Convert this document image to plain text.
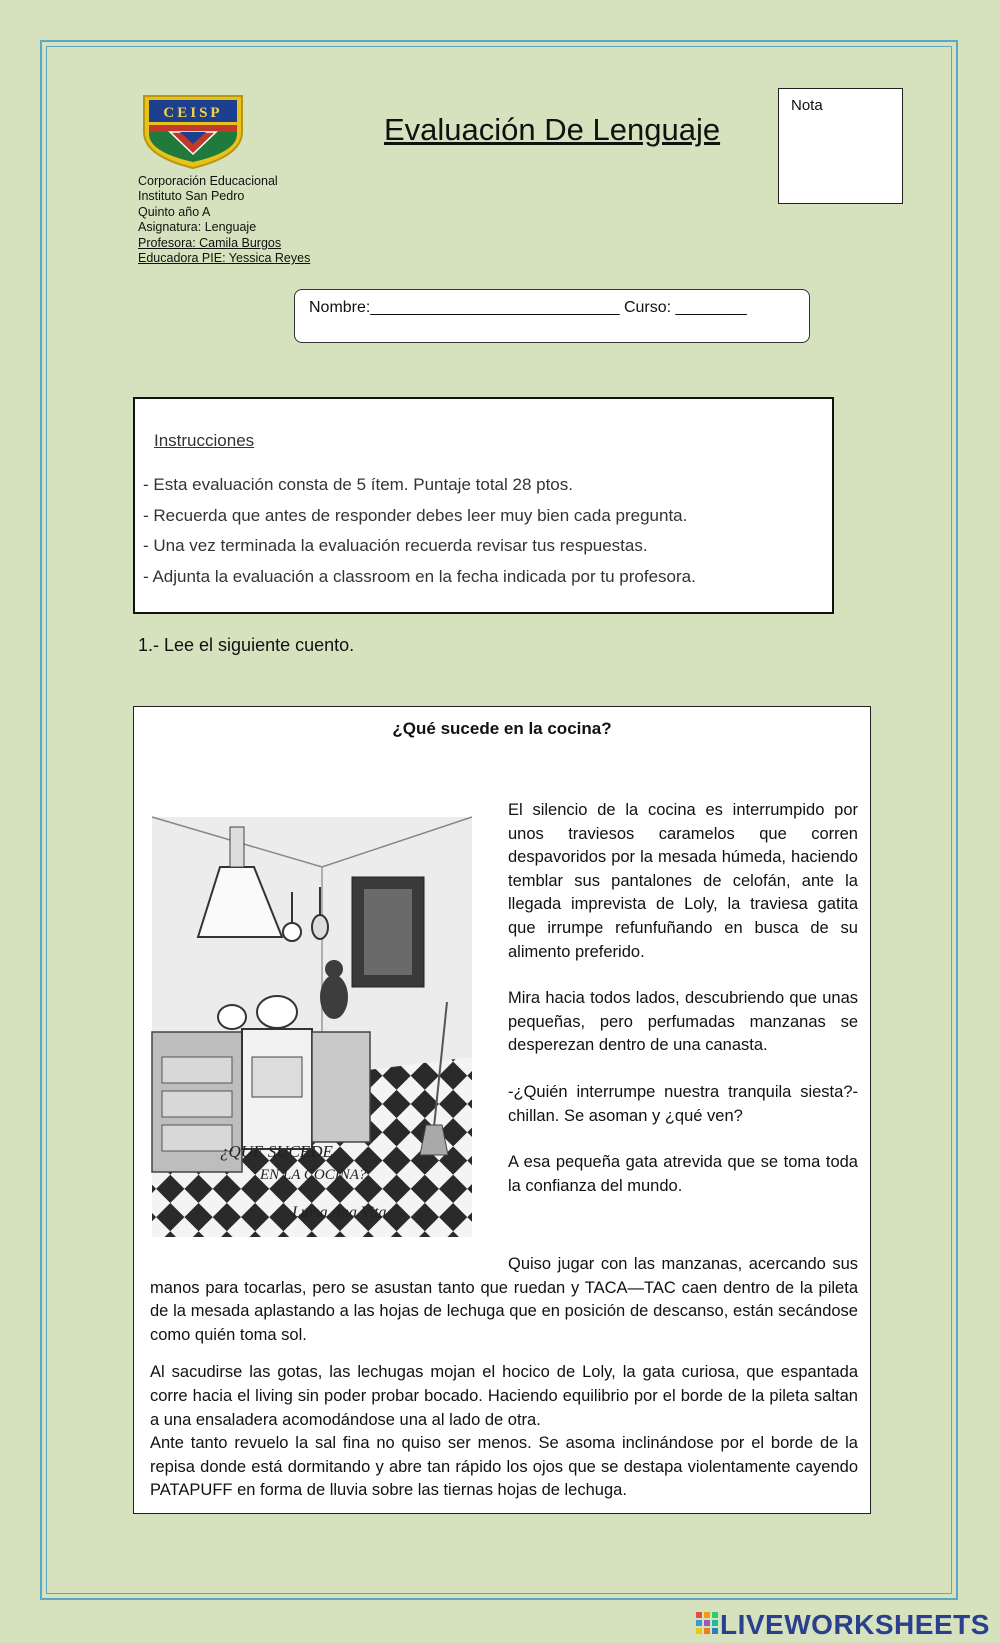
CEISP
Corporación Educacional
Instituto San Pedro
Quinto año A
Asignatura: Lenguaje
Profesora: Camila Burgos
Educadora PIE: Yessica Reyes
Evaluación De Lenguaje
Nota
Nombre:____________________________ Curso: ________
Instrucciones
- Esta evaluación consta de 5 ítem. Puntaje total 28 ptos.
- Recuerda que antes de responder debes leer muy bien cada pregunta.
- Una vez terminada la evaluación recuerda revisar tus respuestas.
- Adjunta la evaluación a classroom en la fecha indicada por tu profesora.
1.- Lee el siguiente cuento.
¿Qué sucede en la cocina?
¿QUE SUCEDE
EN LA COCINA?
Luisa Ana Vita

El silencio de la cocina es interrumpido por unos traviesos caramelos que corren despavoridos por la mesada húmeda, haciendo temblar sus pantalones de celofán, ante la llegada imprevista de Loly, la traviesa gatita que irrumpe refunfuñando en busca de su alimento preferido.

Mira hacia todos lados, descubriendo que unas pequeñas, pero perfumadas manzanas se desperezan dentro de una canasta.

-¿Quién interrumpe nuestra tranquila siesta?- chillan. Se asoman y ¿qué ven?

A esa pequeña gata atrevida que se toma toda la confianza del mundo.

Quiso jugar con las manzanas, acercando sus manos para tocarlas, pero se asustan tanto que ruedan y TACA—TAC caen dentro de la pileta de la mesada aplastando a las hojas de lechuga que en posición de descanso, están secándose como quién toma sol.

Al sacudirse las gotas, las lechugas mojan el hocico de Loly, la gata curiosa, que espantada corre hacia el living sin poder probar bocado. Haciendo equilibrio por el borde de la pileta saltan a una ensaladera acomodándose una al lado de otra.

Ante tanto revuelo la sal fina no quiso ser menos. Se asoma inclinándose por el borde de la repisa donde está dormitando y abre tan rápido los ojos que se destapa violentamente cayendo PATAPUFF en forma de lluvia sobre las tiernas hojas de lechuga.

LIVEWORKSHEETS
